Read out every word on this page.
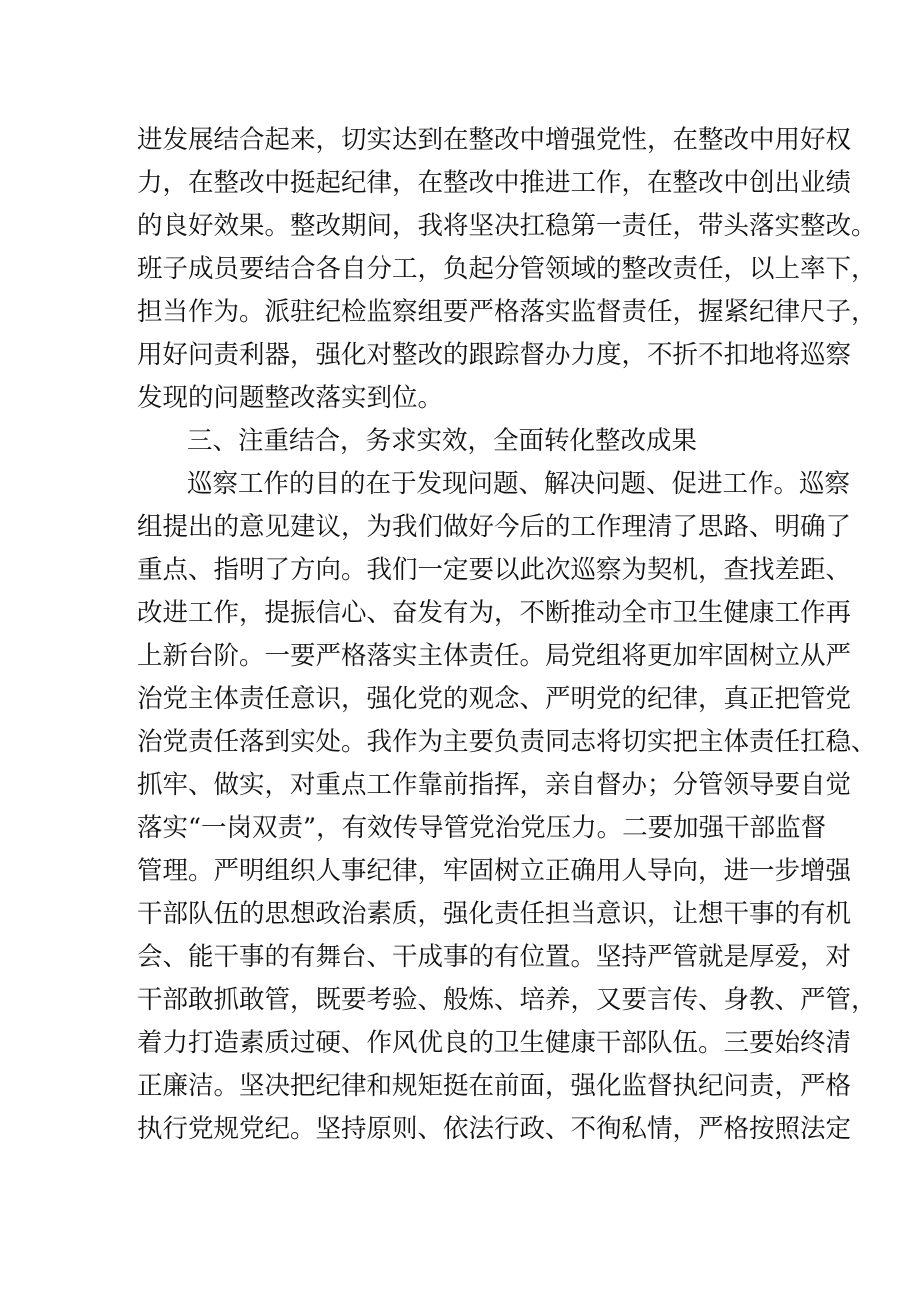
进发展结合起来，切实达到在整改中增强党性，在整改中用好权
力，在整改中挺起纪律，在整改中推进工作，在整改中创出业绩
的良好效果。整改期间，我将坚决扛稳第一责任，带头落实整改。
班子成员要结合各自分工，负起分管领域的整改责任，以上率下，
担当作为。派驻纪检监察组要严格落实监督责任，握紧纪律尺子，
用好问责利器，强化对整改的跟踪督办力度，不折不扣地将巡察
发现的问题整改落实到位。
三、注重结合，务求实效，全面转化整改成果
巡察工作的目的在于发现问题、解决问题、促进工作。巡察
组提出的意见建议，为我们做好今后的工作理清了思路、明确了
重点、指明了方向。我们一定要以此次巡察为契机，查找差距、
改进工作，提振信心、奋发有为，不断推动全市卫生健康工作再
上新台阶。一要严格落实主体责任。局党组将更加牢固树立从严
治党主体责任意识，强化党的观念、严明党的纪律，真正把管党
治党责任落到实处。我作为主要负责同志将切实把主体责任扛稳、
抓牢、做实，对重点工作靠前指挥，亲自督办；分管领导要自觉
落实“一岗双责”，有效传导管党治党压力。二要加强干部监督
管理。严明组织人事纪律，牢固树立正确用人导向，进一步增强
干部队伍的思想政治素质，强化责任担当意识，让想干事的有机
会、能干事的有舞台、干成事的有位置。坚持严管就是厚爱，对
干部敢抓敢管，既要考验、般炼、培养，又要言传、身教、严管，
着力打造素质过硬、作风优良的卫生健康干部队伍。三要始终清
正廉洁。坚决把纪律和规矩挺在前面，强化监督执纪问责，严格
执行党规党纪。坚持原则、依法行政、不徇私情，严格按照法定
